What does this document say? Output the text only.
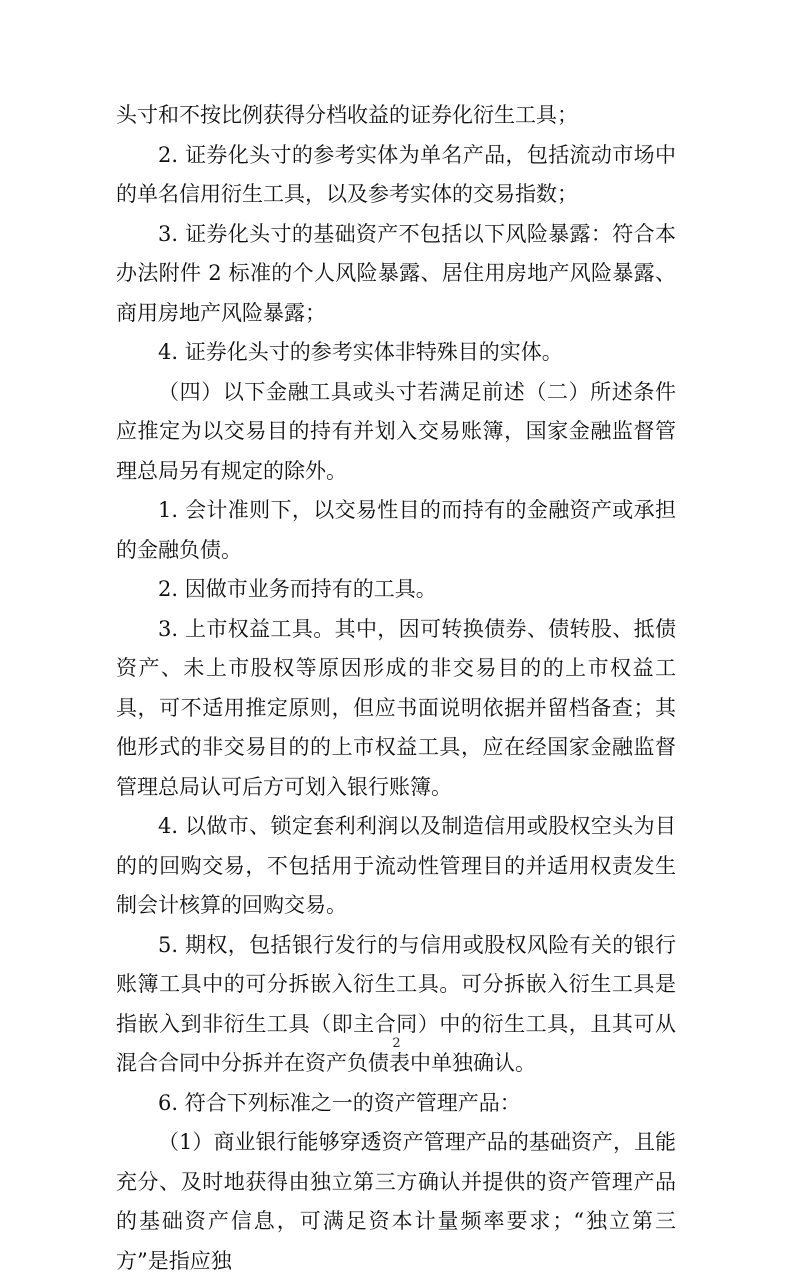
头寸和不按比例获得分档收益的证券化衍生工具；

2. 证券化头寸的参考实体为单名产品，包括流动市场中的单名信用衍生工具，以及参考实体的交易指数；

3. 证券化头寸的基础资产不包括以下风险暴露：符合本办法附件 2 标准的个人风险暴露、居住用房地产风险暴露、商用房地产风险暴露；

4. 证券化头寸的参考实体非特殊目的实体。

（四）以下金融工具或头寸若满足前述（二）所述条件应推定为以交易目的持有并划入交易账簿，国家金融监督管理总局另有规定的除外。

1. 会计准则下，以交易性目的而持有的金融资产或承担的金融负债。

2. 因做市业务而持有的工具。

3. 上市权益工具。其中，因可转换债券、债转股、抵债资产、未上市股权等原因形成的非交易目的的上市权益工具，可不适用推定原则，但应书面说明依据并留档备查；其他形式的非交易目的的上市权益工具，应在经国家金融监督管理总局认可后方可划入银行账簿。

4. 以做市、锁定套利利润以及制造信用或股权空头为目的的回购交易，不包括用于流动性管理目的并适用权责发生制会计核算的回购交易。

5. 期权，包括银行发行的与信用或股权风险有关的银行账簿工具中的可分拆嵌入衍生工具。可分拆嵌入衍生工具是指嵌入到非衍生工具（即主合同）中的衍生工具，且其可从混合合同中分拆并在资产负债表中单独确认。

6. 符合下列标准之一的资产管理产品：

（1）商业银行能够穿透资产管理产品的基础资产，且能充分、及时地获得由独立第三方确认并提供的资产管理产品的基础资产信息，可满足资本计量频率要求；“独立第三方”是指应独

2
